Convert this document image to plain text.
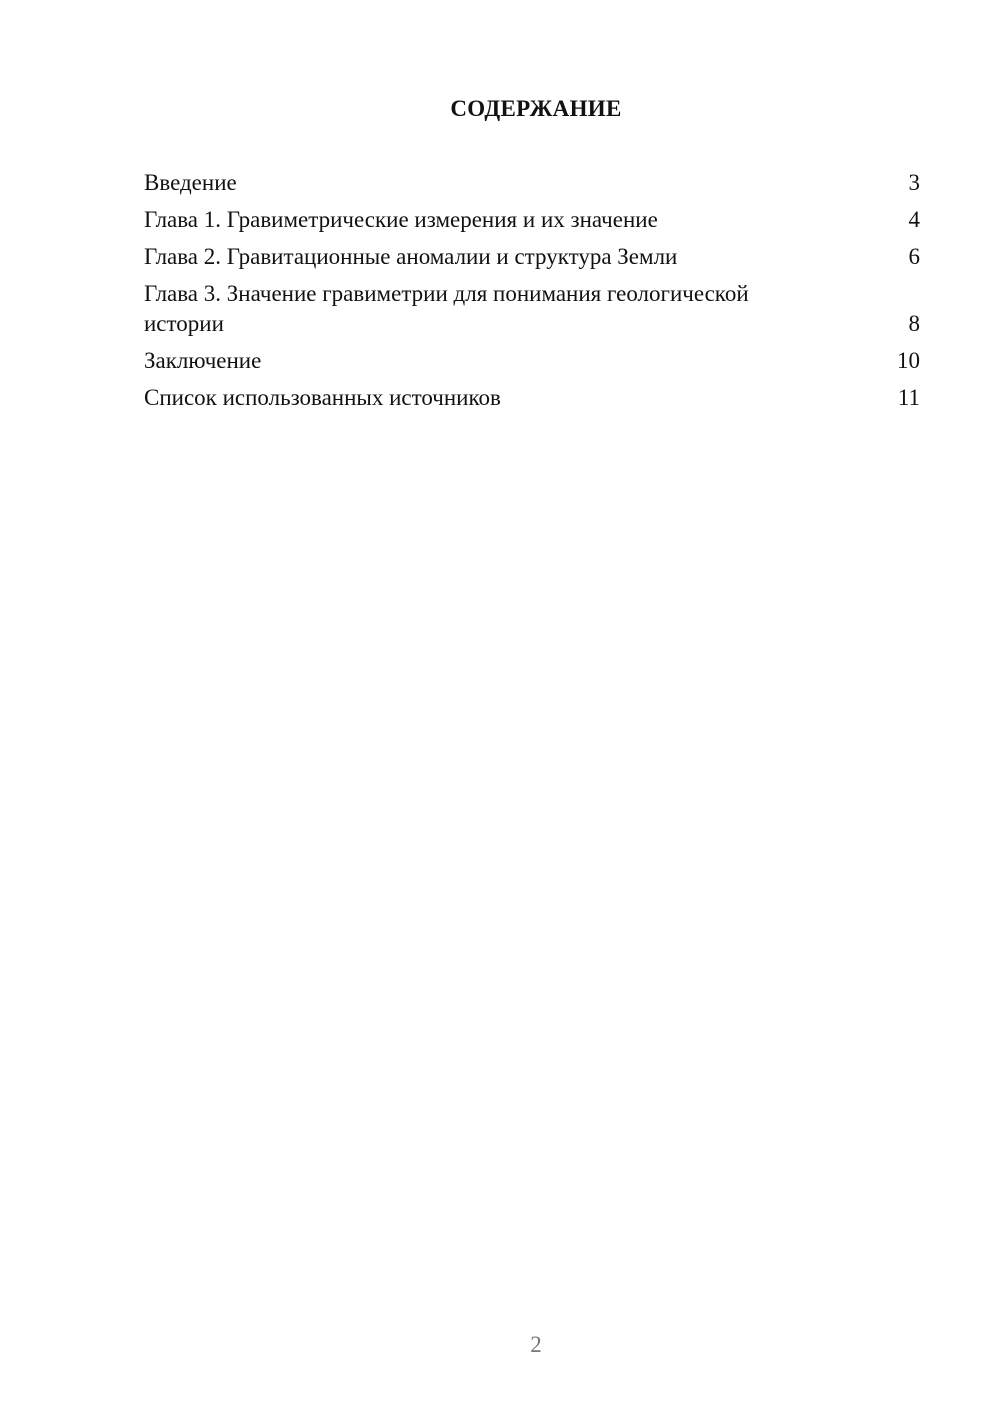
СОДЕРЖАНИЕ
Введение	3
Глава 1. Гравиметрические измерения и их значение	4
Глава 2. Гравитационные аномалии и структура Земли	6
Глава 3. Значение гравиметрии для понимания геологической истории	8
Заключение	10
Список использованных источников	11
2
